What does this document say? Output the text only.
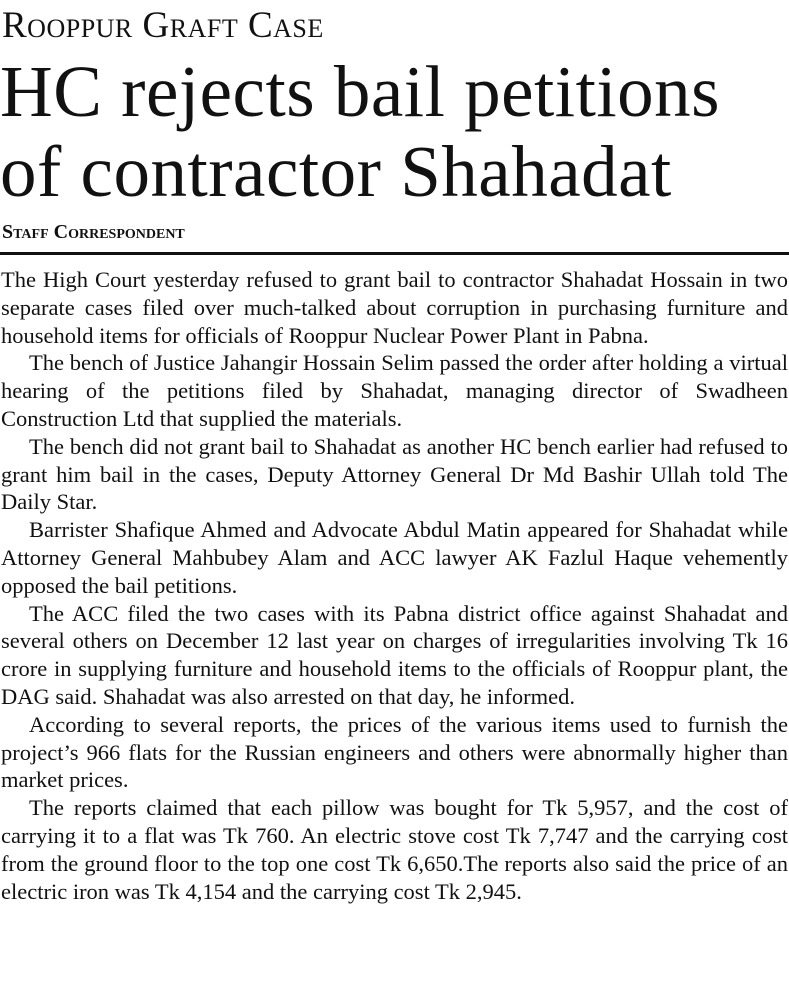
Rooppur Graft Case
HC rejects bail petitions
of contractor Shahadat
Staff Correspondent

The High Court yesterday refused to grant bail to contractor Shahadat Hossain in two separate cases filed over much-talked about corruption in purchasing furniture and household items for officials of Rooppur Nuclear Power Plant in Pabna.

The bench of Justice Jahangir Hossain Selim passed the order after holding a virtual hearing of the petitions filed by Shahadat, managing director of Swadheen Construction Ltd that supplied the materials.

The bench did not grant bail to Shahadat as another HC bench earlier had refused to grant him bail in the cases, Deputy Attorney General Dr Md Bashir Ullah told The Daily Star.

Barrister Shafique Ahmed and Advocate Abdul Matin appeared for Shahadat while Attorney General Mahbubey Alam and ACC lawyer AK Fazlul Haque vehemently opposed the bail petitions.

The ACC filed the two cases with its Pabna district office against Shahadat and several others on December 12 last year on charges of irregularities involving Tk 16 crore in supplying furniture and household items to the officials of Rooppur plant, the DAG said. Shahadat was also arrested on that day, he informed.

According to several reports, the prices of the various items used to furnish the project’s 966 flats for the Russian engineers and others were abnormally higher than market prices.

The reports claimed that each pillow was bought for Tk 5,957, and the cost of carrying it to a flat was Tk 760. An electric stove cost Tk 7,747 and the carrying cost from the ground floor to the top one cost Tk 6,650.The reports also said the price of an electric iron was Tk 4,154 and the carrying cost Tk 2,945.
